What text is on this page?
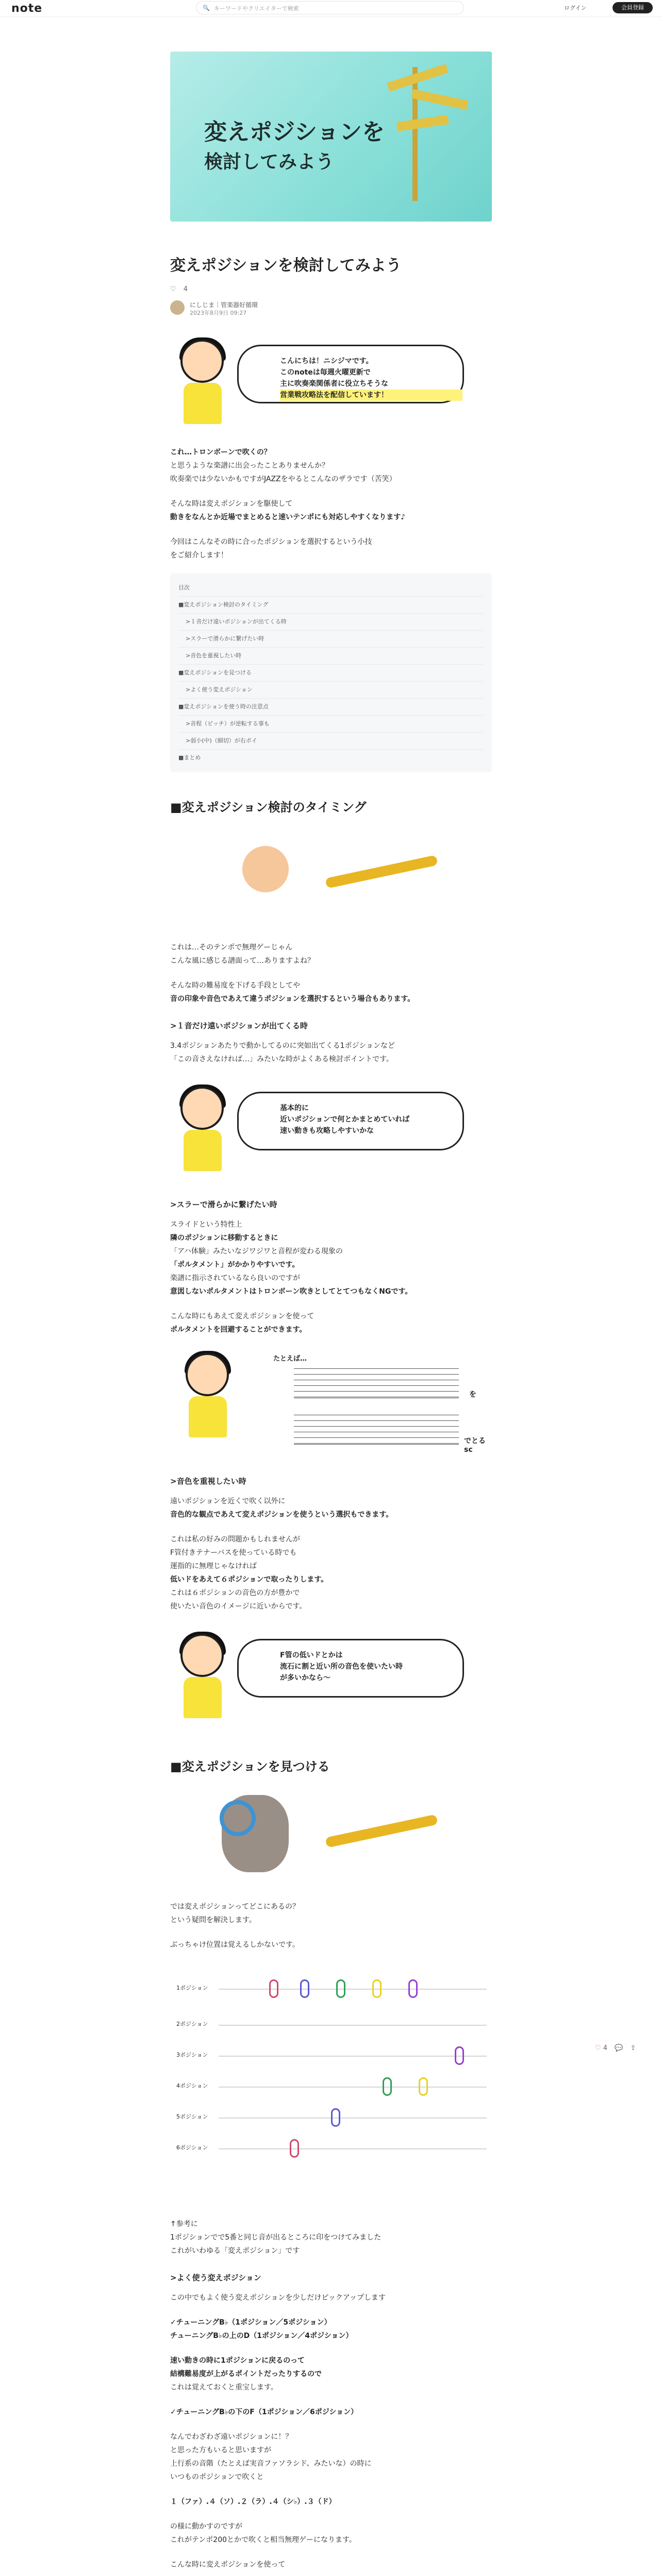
note	🔍 キーワードやクリエイターで検索	ログイン	会員登録
変えポジションを
検討してみよう
変えポジションを検討してみよう
♡ 4
にしじま｜管楽器好循環
2023年8月9日 09:27
こんにちは！ニシジマです。
このnoteは毎週火曜更新で
主に吹奏楽関係者に役立ちそうな
営業戦攻略法を配信しています！

これ…トロンボーンで吹くの？
と思うような楽譜に出会ったことありませんか？
吹奏楽では少ないかもですがJAZZをやるとこんなのザラです（苦笑）

そんな時は変えポジションを駆使して
動きをなんとか近場でまとめると速いテンポにも対応しやすくなります♪

今回はこんなその時に合ったポジションを選択するという小技
をご紹介します！

目次
■変えポジション検討のタイミング
>１音だけ遠いポジションが出てくる時
>スラーで滑らかに繋げたい時
>音色を重視したい時
■変えポジションを見つける
>よく使う変えポジション
■変えポジションを使う時の注意点
>音程（ピッチ）が逆転する事も
>弱小(中)（細切）が右ポイ
■まとめ
■変えポジション検討のタイミング

これは…そのテンポで無理ゲーじゃん
こんな風に感じる譜面って…ありますよね？

そんな時の難易度を下げる手段としてや
音の印象や音色であえて違うポジションを選択するという場合もあります。

>１音だけ遠いポジションが出てくる時

3.4ポジションあたりで動かしてるのに突如出てくる1ポジションなど
「この音さえなければ…」みたいな時がよくある検討ポイントです。

基本的に
近いポジションで何とかまとめていれば
速い動きも攻略しやすいかな
>スラーで滑らかに繋げたい時

スライドという特性上
隣のポジションに移動するときに
「アハ体験」みたいなジワジワと音程が変わる現象の
「ポルタメント」がかかりやすいです。
楽譜に指示されているなら良いのですが
意図しないポルタメントはトロンボーン吹きとしてとてつもなくNGです。

こんな時にもあえて変えポジションを使って
ポルタメントを回避することができます。

たとえば…
を
でとるsc
>音色を重視したい時

遠いポジションを近くで吹く以外に
音色的な観点であえて変えポジションを使うという選択もできます。

これは私の好みの問題かもしれませんが
F管付きテナーバスを使っている時でも
運指的に無理じゃなければ
低いドをあえて６ポジションで取ったりします。
これは６ポジションの音色の方が豊かで
使いたい音色のイメージに近いからです。

F管の低いドとかは
流石に割と近い所の音色を使いたい時
が多いかなら〜
■変えポジションを見つける

では変えポジションってどこにあるの？
という疑問を解決します。

ぶっちゃけ位置は覚えるしかないです。

1ポジション
2ポジション
3ポジション
4ポジション
5ポジション
6ポジション

↑参考に
1ポジションでで5番と同じ音が出るところに印をつけてみました
これがいわゆる「変えポジション」です

>よく使う変えポジション

この中でもよく使う変えポジションを少しだけピックアップします

✓チューニングB♭（1ポジション／5ポジション）
チューニングB♭の上のD（1ポジション／4ポジション）

速い動きの時に1ポジションに戻るのって
結構難易度が上がるポイントだったりするので
これは覚えておくと重宝します。

✓チューニングB♭の下のF（1ポジション／6ポジション）

なんでわざわざ遠いポジションに！？
と思った方もいると思いますが
上行系の音階（たとえば実音ファソラシド、みたいな）の時に
いつものポジションで吹くと

１（ファ）.４（ソ）.２（ラ）.４（シ♭）.３（ド）

の様に動かすのですが
これがテンポ200とかで吹くと相当無理ゲーになります。

こんな時に変えポジションを使って

♡ 4 💬 ⇪
